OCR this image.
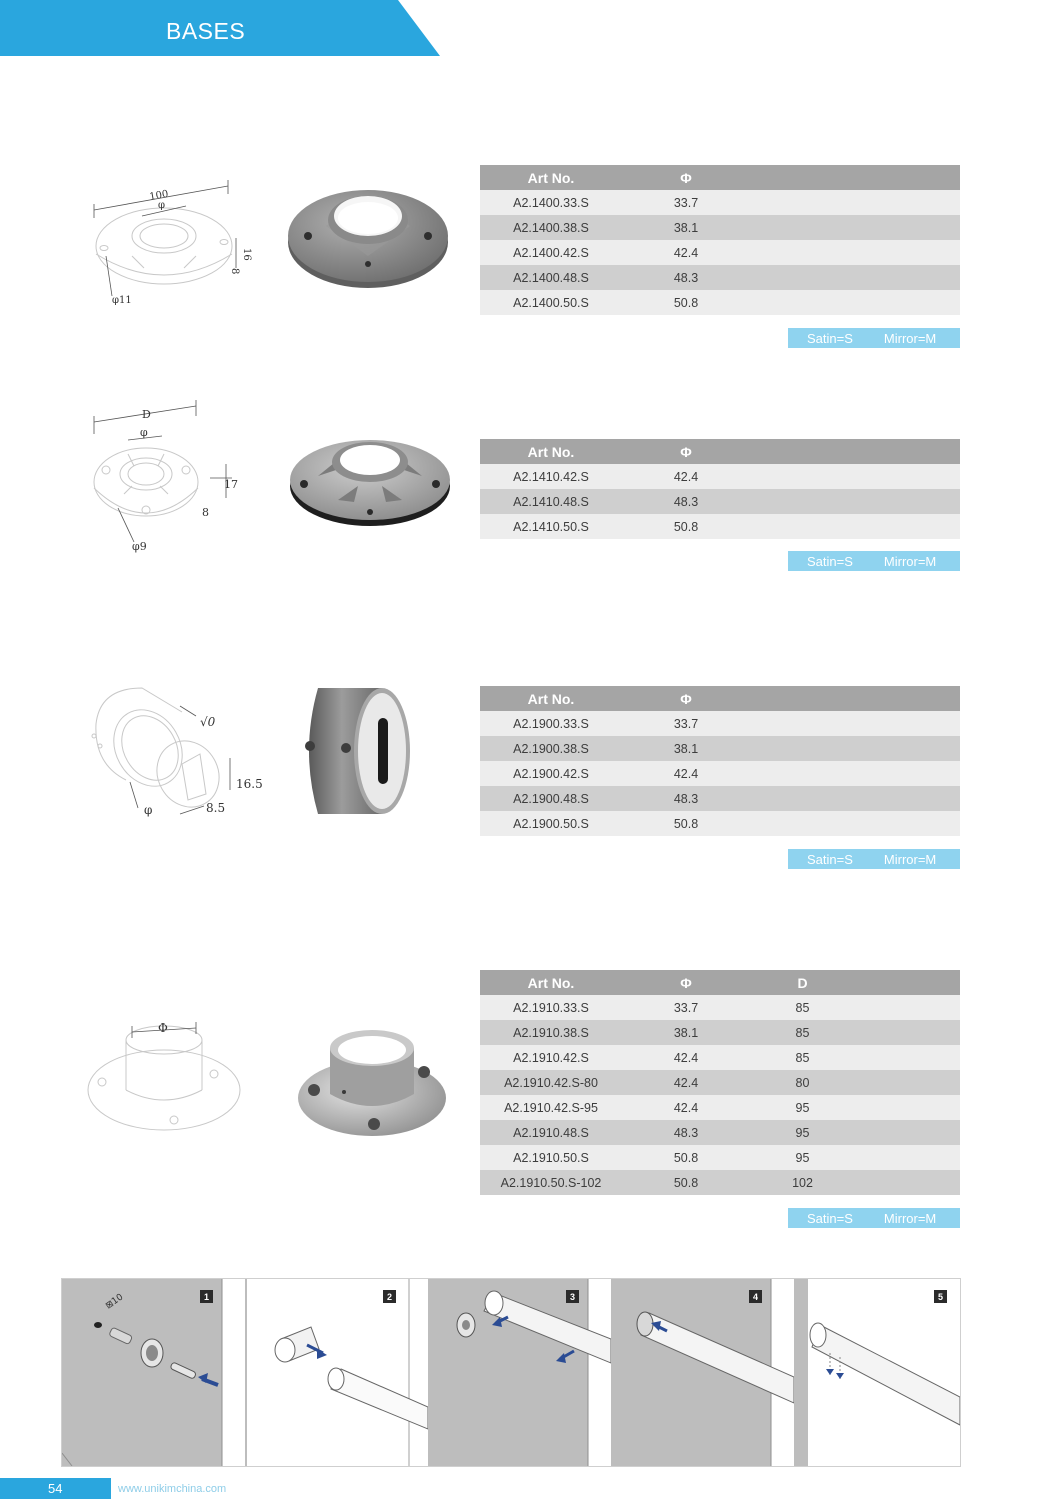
BASES
100
φ
16
8
φ11
Art No.	Φ		
A2.1400.33.S	33.7		
A2.1400.38.S	38.1		
A2.1400.42.S	42.4		
A2.1400.48.S	48.3		
A2.1400.50.S	50.8		
Satin=S Mirror=M
D
φ
17
8
φ9
Art No.	Φ		
A2.1410.42.S	42.4		
A2.1410.48.S	48.3		
A2.1410.50.S	50.8		
Satin=S Mirror=M
√0
16.5
φ	8.5
Art No.	Φ		
A2.1900.33.S	33.7		
A2.1900.38.S	38.1		
A2.1900.42.S	42.4		
A2.1900.48.S	48.3		
A2.1900.50.S	50.8		
Satin=S Mirror=M
Φ
Art No.	Φ	D	
A2.1910.33.S	33.7	85	
A2.1910.38.S	38.1	85	
A2.1910.42.S	42.4	85	
A2.1910.42.S-80	42.4	80	
A2.1910.42.S-95	42.4	95	
A2.1910.48.S	48.3	95	
A2.1910.50.S	50.8	95	
A2.1910.50.S-102	50.8	102	
Satin=S Mirror=M
⊠10	1	2	3	4	5
54	www.unikimchina.com
